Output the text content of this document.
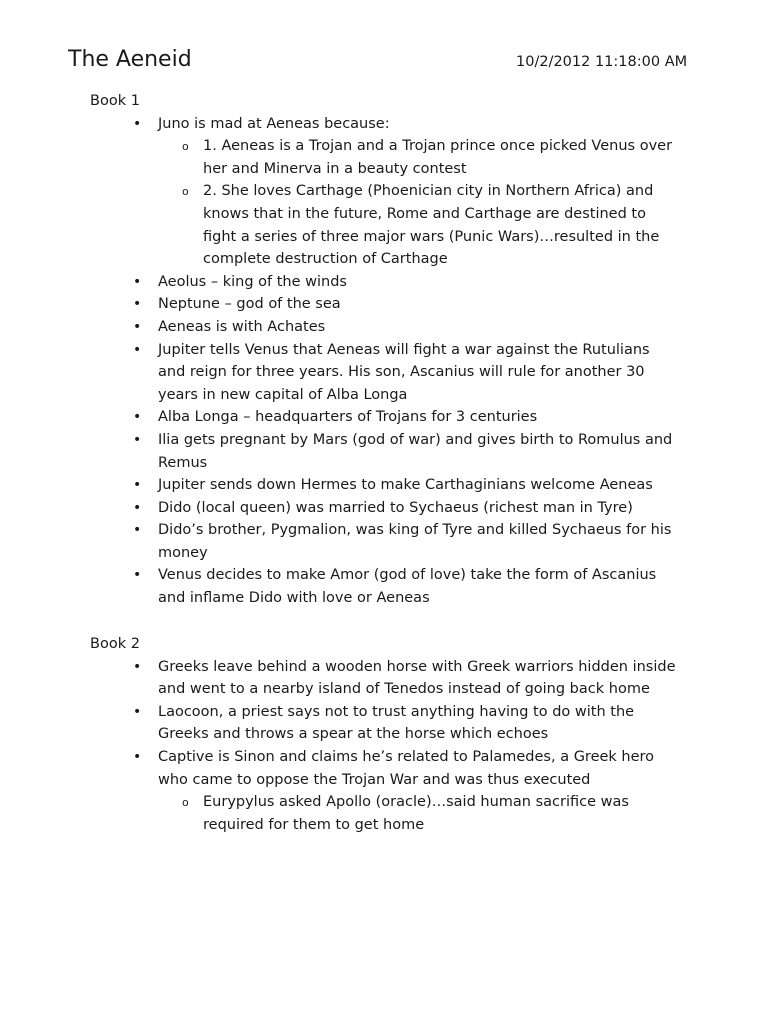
The Aeneid	10/2/2012 11:18:00 AM
Book 1
• Juno is mad at Aeneas because:
o 1. Aeneas is a Trojan and a Trojan prince once picked Venus over her and Minerva in a beauty contest
o 2. She loves Carthage (Phoenician city in Northern Africa) and knows that in the future, Rome and Carthage are destined to fight a series of three major wars (Punic Wars)…resulted in the complete destruction of Carthage
• Aeolus – king of the winds
• Neptune – god of the sea
• Aeneas is with Achates
• Jupiter tells Venus that Aeneas will fight a war against the Rutulians and reign for three years. His son, Ascanius will rule for another 30 years in new capital of Alba Longa
• Alba Longa – headquarters of Trojans for 3 centuries
• Ilia gets pregnant by Mars (god of war) and gives birth to Romulus and Remus
• Jupiter sends down Hermes to make Carthaginians welcome Aeneas
• Dido (local queen) was married to Sychaeus (richest man in Tyre)
• Dido’s brother, Pygmalion, was king of Tyre and killed Sychaeus for his money
• Venus decides to make Amor (god of love) take the form of Ascanius and inflame Dido with love or Aeneas
Book 2
• Greeks leave behind a wooden horse with Greek warriors hidden inside and went to a nearby island of Tenedos instead of going back home
• Laocoon, a priest says not to trust anything having to do with the Greeks and throws a spear at the horse which echoes
• Captive is Sinon and claims he’s related to Palamedes, a Greek hero who came to oppose the Trojan War and was thus executed
o Eurypylus asked Apollo (oracle)…said human sacrifice was required for them to get home
